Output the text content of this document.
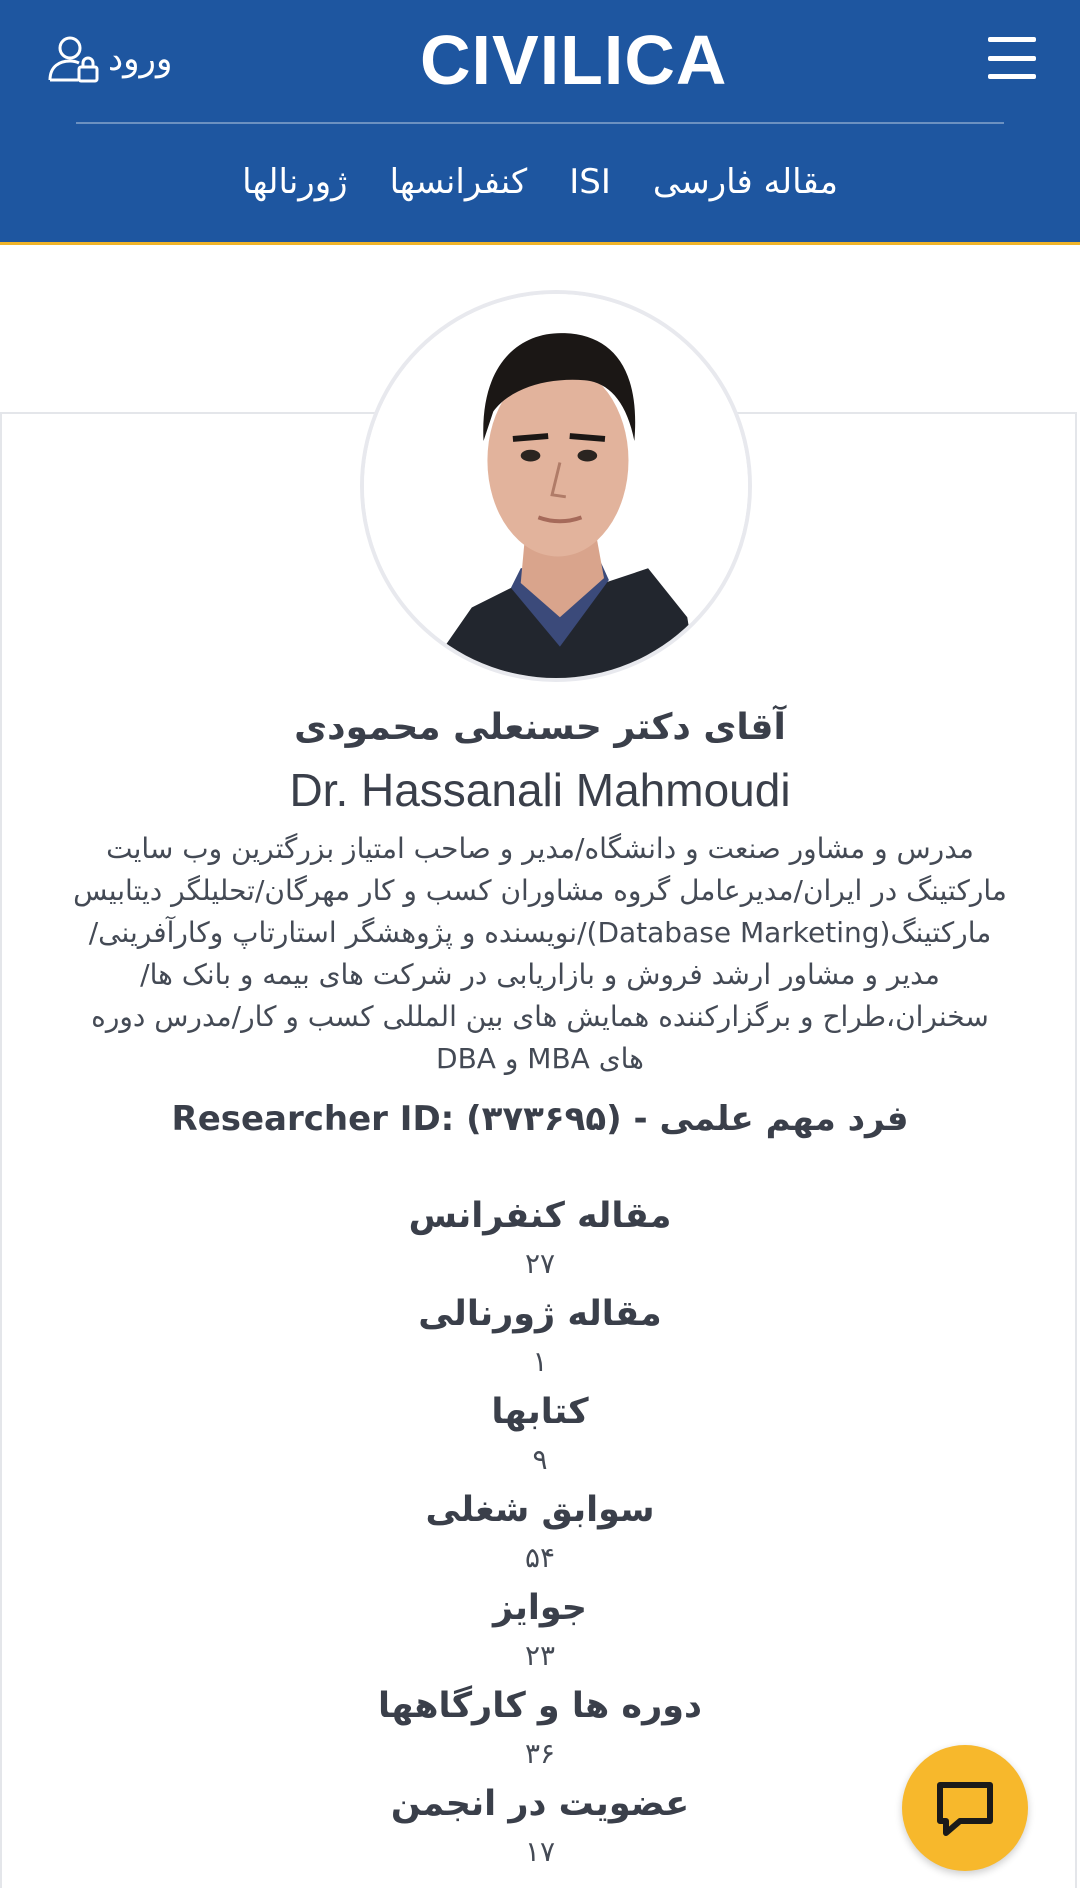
ورود	CIVILICA
مقاله فارسی
ISI
کنفرانسها
ژورنالها
آقای دکتر حسنعلی محمودی
Dr. Hassanali Mahmoudi
مدرس و مشاور صنعت و دانشگاه/مدیر و صاحب امتیاز بزرگترین وب سایت مارکتینگ در ایران/مدیرعامل گروه مشاوران کسب و کار مهرگان/تحلیلگر دیتابیس مارکتینگ(Database Marketing)/نویسنده و پژوهشگر استارتاپ وکارآفرینی/مدیر و مشاور ارشد فروش و بازاریابی در شرکت های بیمه و بانک ها/سخنران،طراح و برگزارکننده همایش های بین المللی کسب و کار/مدرس دوره های MBA و DBA
فرد مهم علمی - Researcher ID: (۳۷۳۶۹۵)
مقاله کنفرانس
۲۷
مقاله ژورنالی
۱
کتابها
۹
سوابق شغلی
۵۴
جوایز
۲۳
دوره ها و کارگاهها
۳۶
عضویت در انجمن
۱۷
